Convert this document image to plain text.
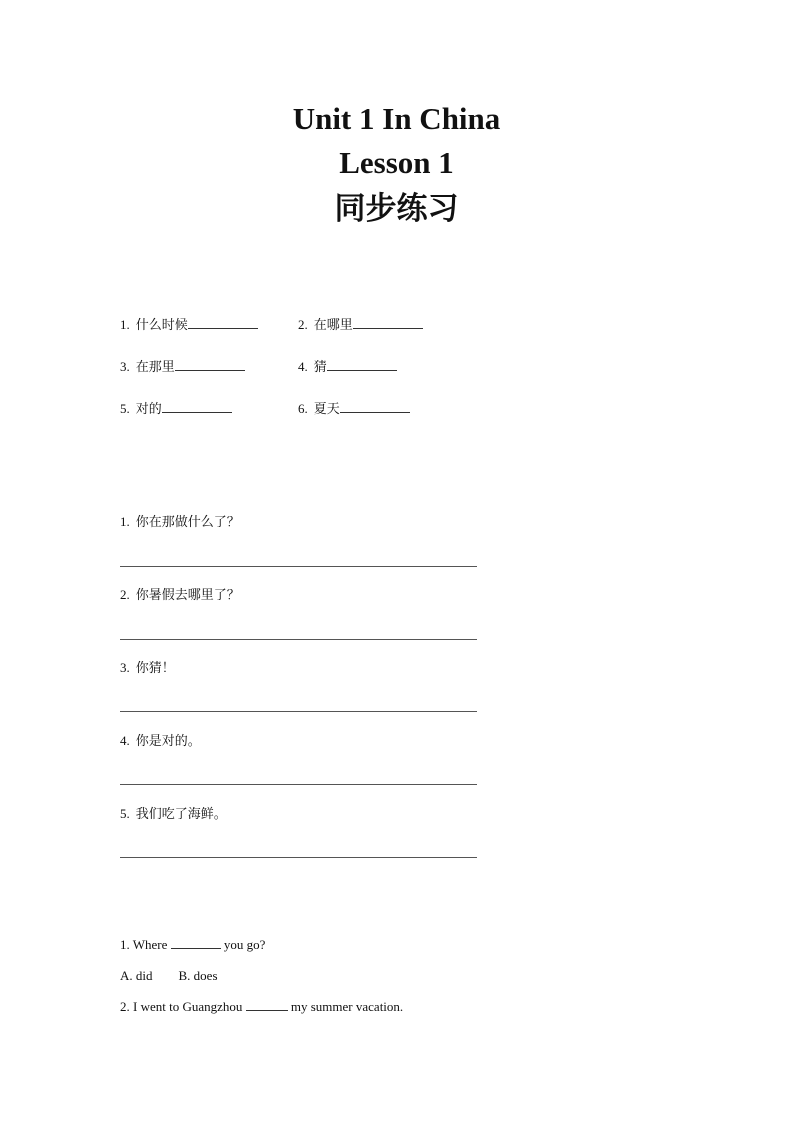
Unit 1 In China
Lesson 1
同步练习
1. 什么时候	2. 在哪里
3. 在那里	4. 猜
5. 对的	6. 夏天
1. 你在那做什么了？
2. 你暑假去哪里了？
3. 你猜！
4. 你是对的。
5. 我们吃了海鲜。
1. Where	you go?
A. did B. does
2. I went to Guangzhou	my summer vacation.
